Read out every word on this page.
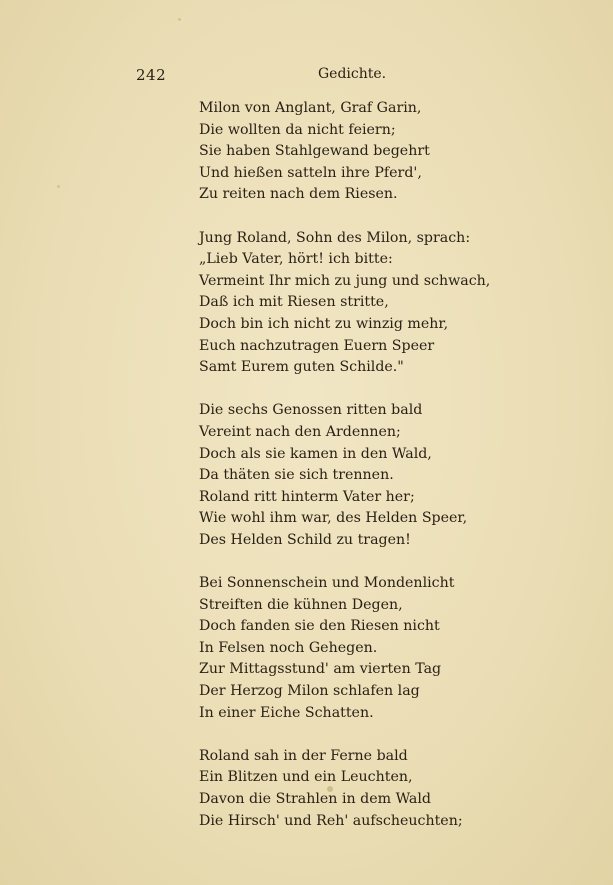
242	Gedichte.
Milon von Anglant, Graf Garin,
Die wollten da nicht feiern;
Sie haben Stahlgewand begehrt
Und hießen satteln ihre Pferd',
Zu reiten nach dem Riesen.
Jung Roland, Sohn des Milon, sprach:
„Lieb Vater, hört! ich bitte:
Vermeint Ihr mich zu jung und schwach,
Daß ich mit Riesen stritte,
Doch bin ich nicht zu winzig mehr,
Euch nachzutragen Euern Speer
Samt Eurem guten Schilde."
Die sechs Genossen ritten bald
Vereint nach den Ardennen;
Doch als sie kamen in den Wald,
Da thäten sie sich trennen.
Roland ritt hinterm Vater her;
Wie wohl ihm war, des Helden Speer,
Des Helden Schild zu tragen!
Bei Sonnenschein und Mondenlicht
Streiften die kühnen Degen,
Doch fanden sie den Riesen nicht
In Felsen noch Gehegen.
Zur Mittagsstund' am vierten Tag
Der Herzog Milon schlafen lag
In einer Eiche Schatten.
Roland sah in der Ferne bald
Ein Blitzen und ein Leuchten,
Davon die Strahlen in dem Wald
Die Hirsch' und Reh' aufscheuchten;
